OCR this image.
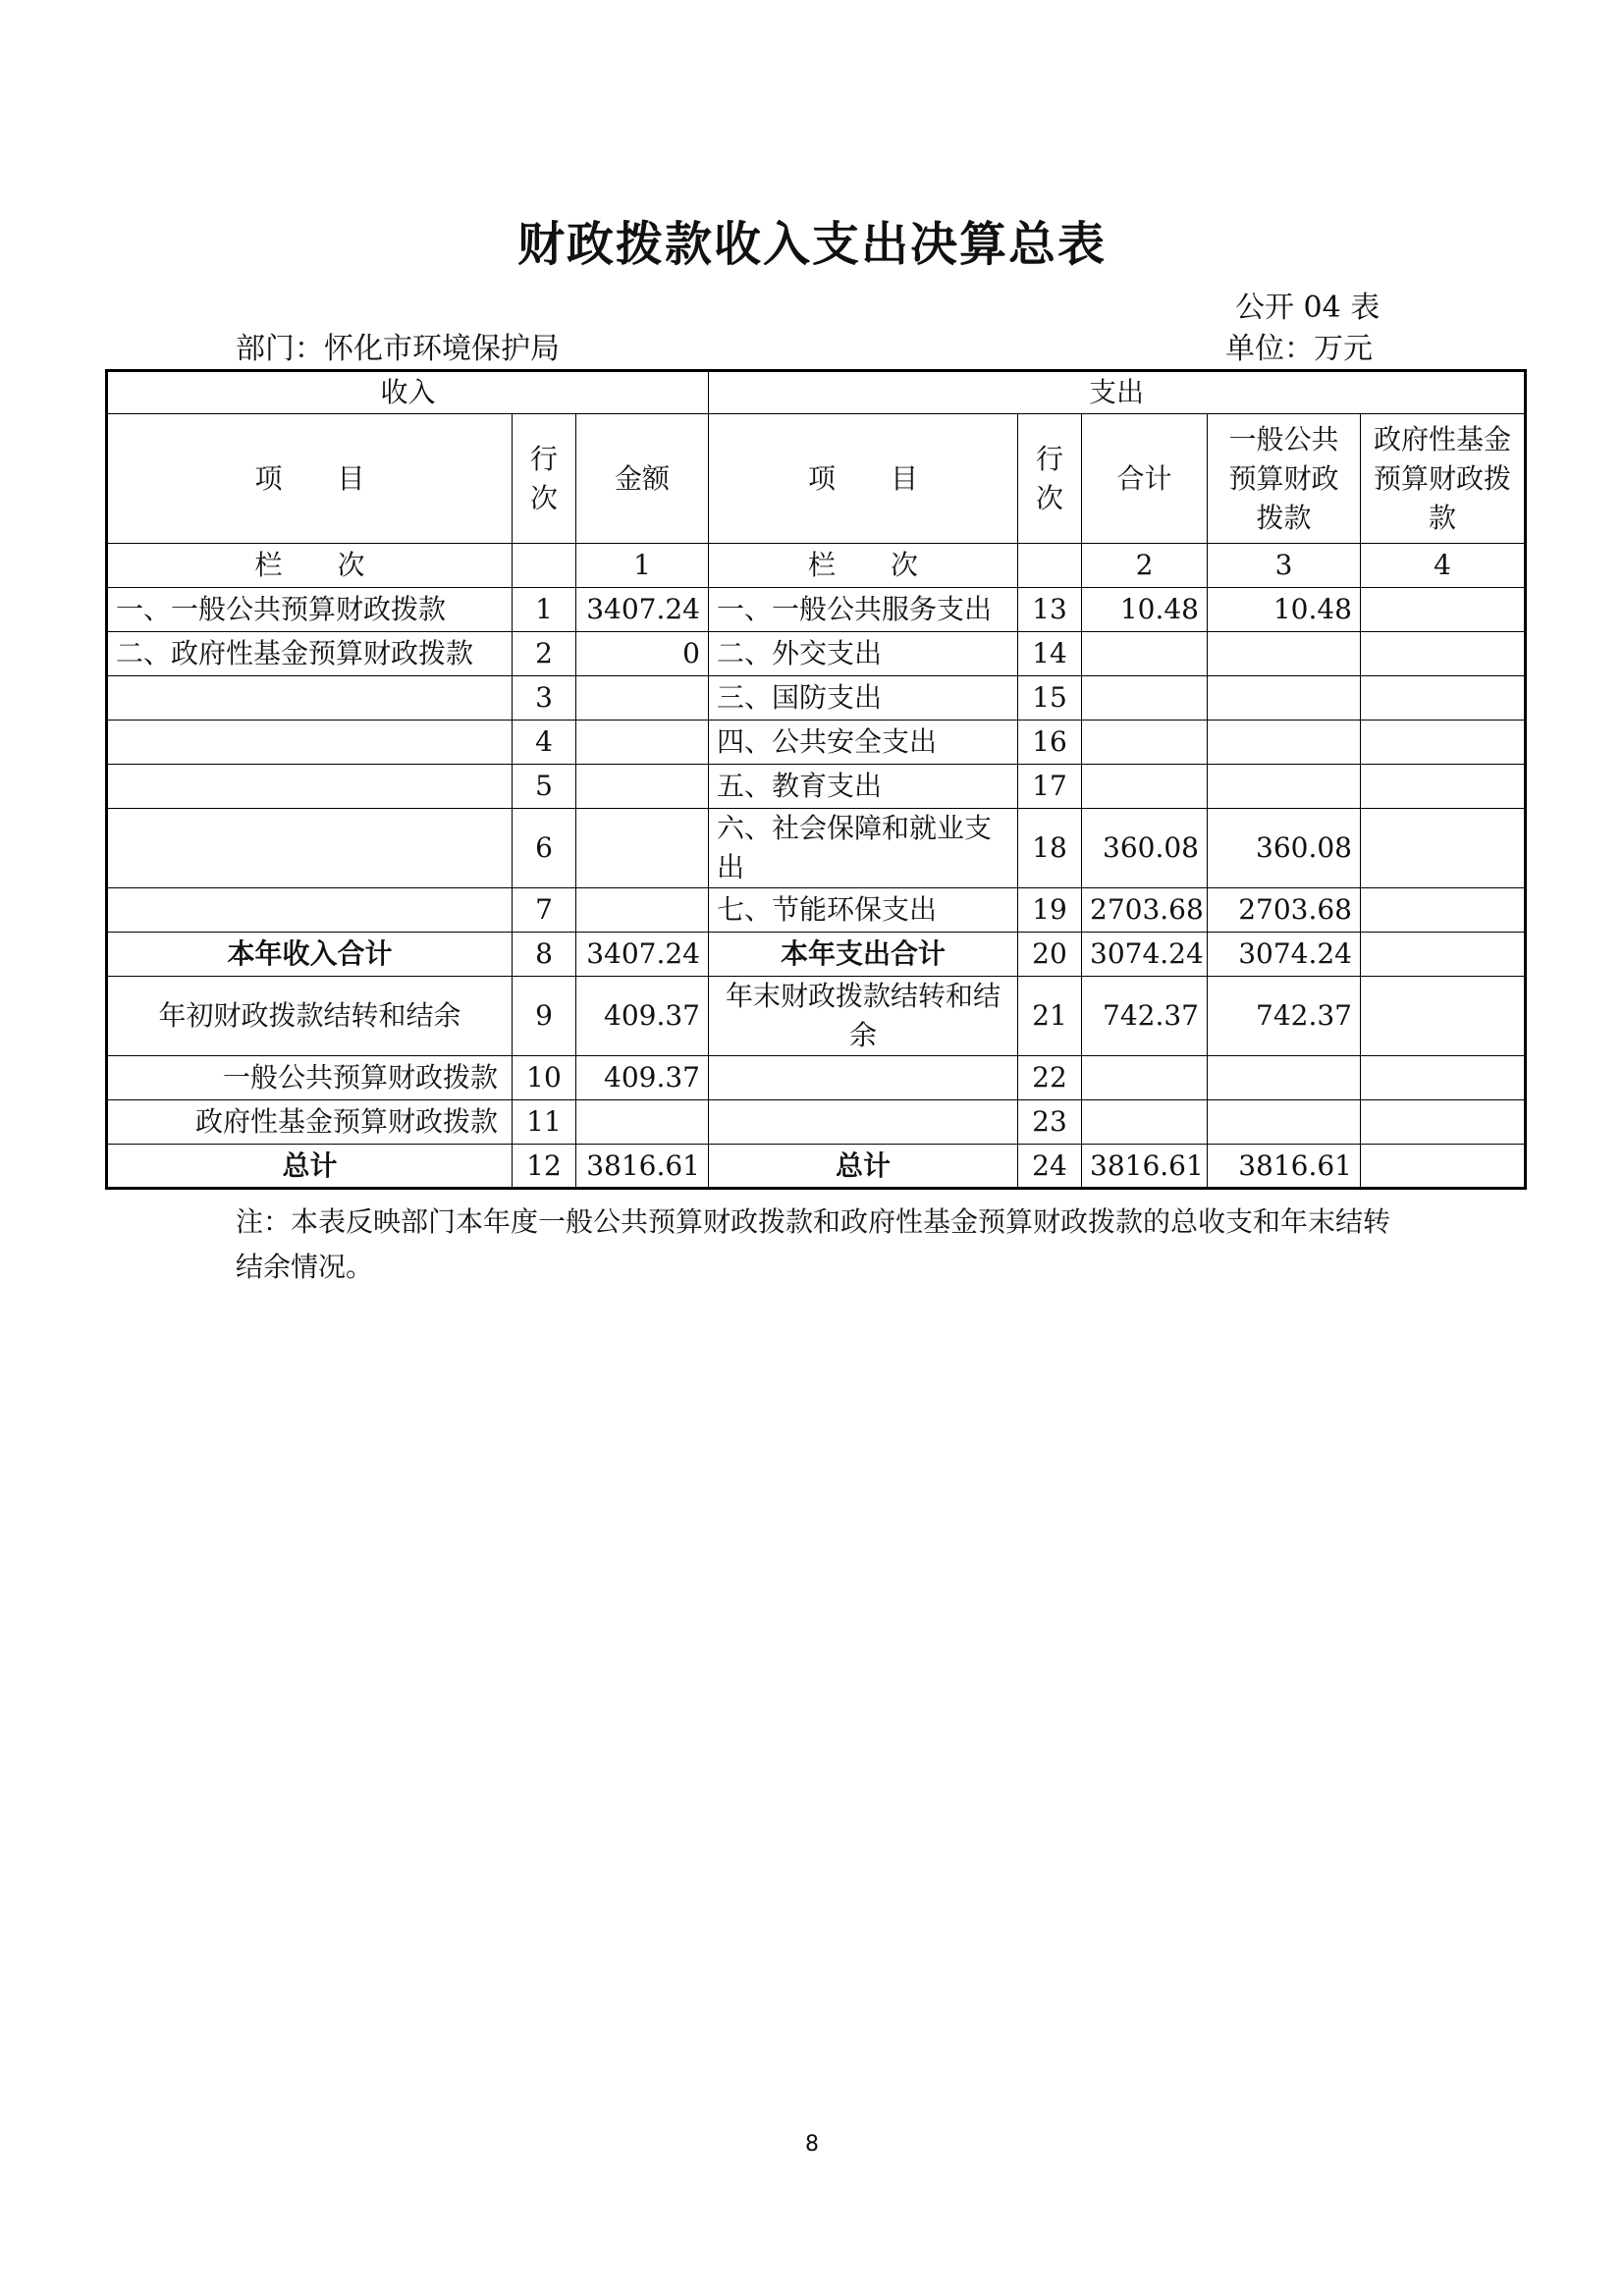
财政拨款收入支出决算总表
公开 04 表
部门：怀化市环境保护局	单位：万元
收入			支出				
项　　目	行次	金额	项　　目	行次	合计	一般公共预算财政拨款	政府性基金预算财政拨款
栏　　次		1	栏　　次		2	3	4
一、一般公共预算财政拨款	1	3407.24	一、一般公共服务支出	13	10.48	10.48	
二、政府性基金预算财政拨款	2	0	二、外交支出	14			
	3		三、国防支出	15			
	4		四、公共安全支出	16			
	5		五、教育支出	17			
	6		六、社会保障和就业支出	18	360.08	360.08	
	7		七、节能环保支出	19	2703.68	2703.68	
本年收入合计	8	3407.24	本年支出合计	20	3074.24	3074.24	
年初财政拨款结转和结余	9	409.37	年末财政拨款结转和结余	21	742.37	742.37	
一般公共预算财政拨款	10	409.37		22			
政府性基金预算财政拨款	11			23			
总计	12	3816.61	总计	24	3816.61	3816.61	
注：本表反映部门本年度一般公共预算财政拨款和政府性基金预算财政拨款的总收支和年末结转结余情况。
8
